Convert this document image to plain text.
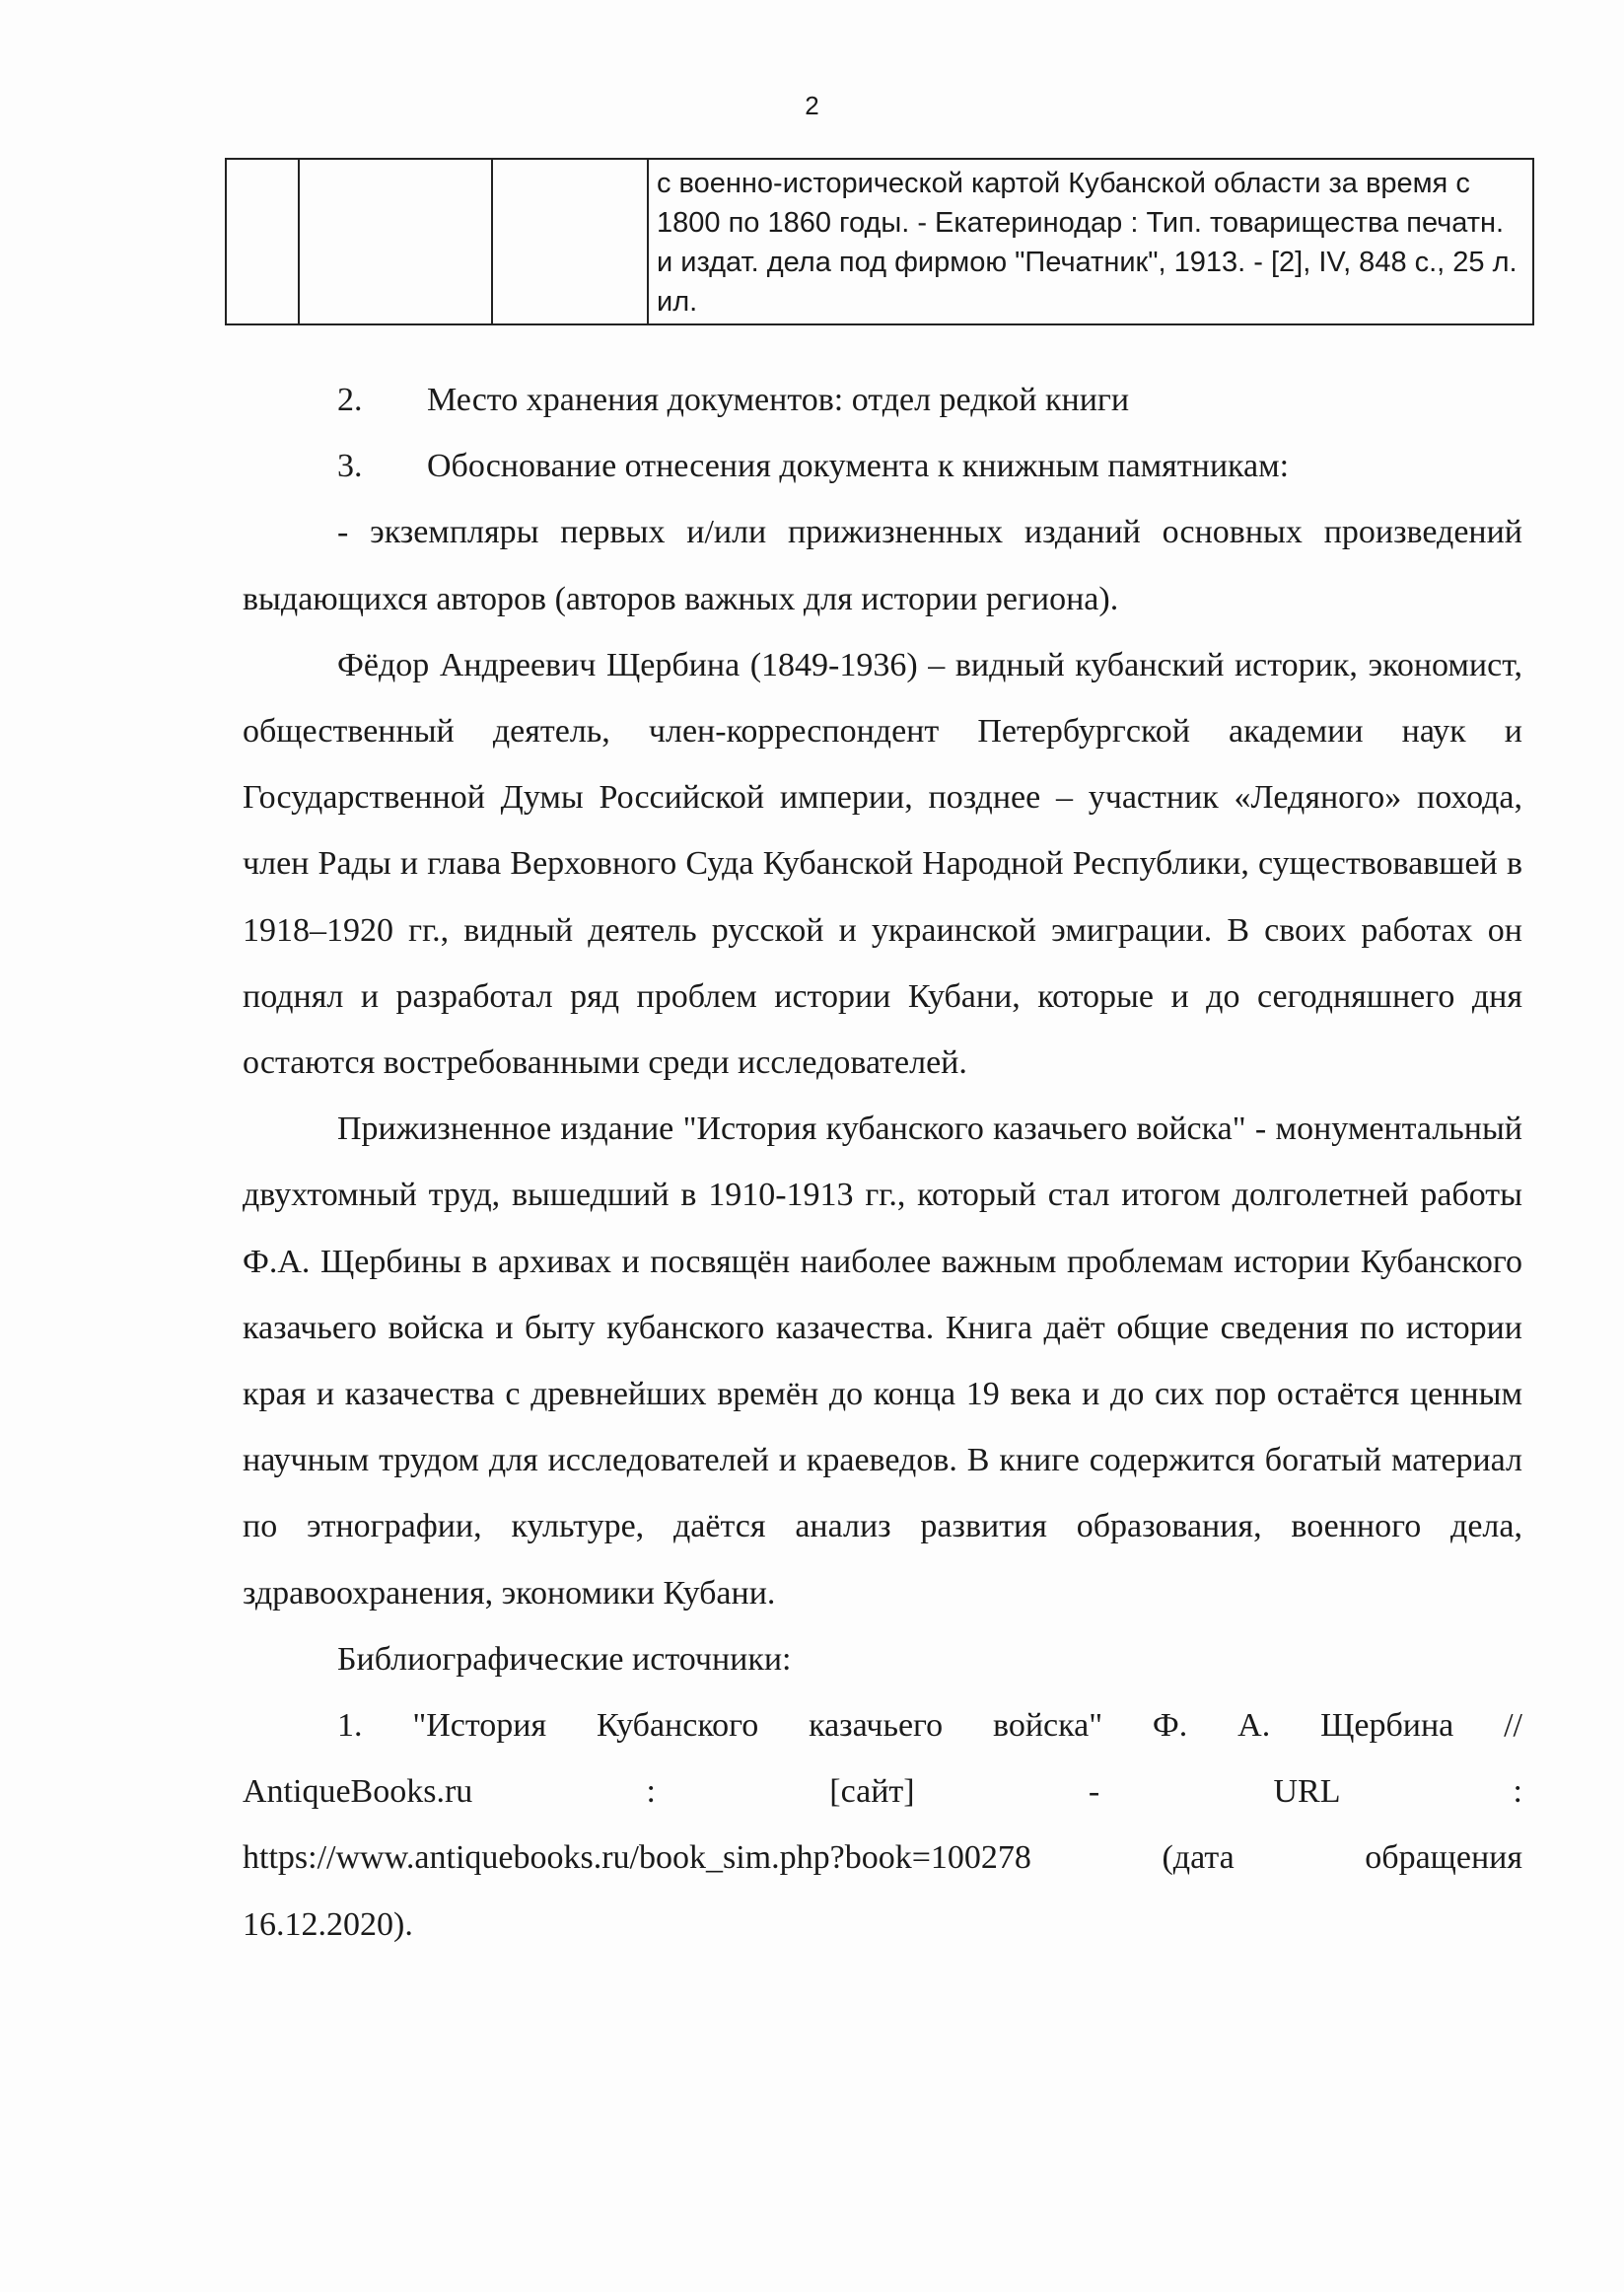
2

с военно-исторической картой Кубанской области за время с 1800 по 1860 годы. - Екатеринодар : Тип. товарищества печатн. и издат. дела под фирмою "Печатник", 1913. - [2], IV, 848 с., 25 л. ил.

2.	Место хранения документов: отдел редкой книги

3.	Обоснование отнесения документа к книжным памятникам:

- экземпляры первых и/или прижизненных изданий основных произведений выдающихся авторов (авторов важных для истории региона).

Фёдор Андреевич Щербина (1849-1936) – видный кубанский историк, экономист, общественный деятель, член-корреспондент Петербургской академии наук и Государственной Думы Российской империи, позднее – участник «Ледяного» похода, член Рады и глава Верховного Суда Кубанской Народной Республики, существовавшей в 1918–1920 гг., видный деятель русской и украинской эмиграции. В своих работах он поднял и разработал ряд проблем истории Кубани, которые и до сегодняшнего дня остаются востребованными среди исследователей.

Прижизненное издание "История кубанского казачьего войска" - монументальный двухтомный труд, вышедший в 1910-1913 гг., который стал итогом долголетней работы Ф.А. Щербины в архивах и посвящён наиболее важным проблемам истории Кубанского казачьего войска и быту кубанского казачества. Книга даёт общие сведения по истории края и казачества с древнейших времён до конца 19 века и до сих пор остаётся ценным научным трудом для исследователей и краеведов. В книге содержится богатый материал по этнографии, культуре, даётся анализ развития образования, военного дела, здравоохранения, экономики Кубани.

Библиографические источники:

1. "История Кубанского казачьего войска" Ф. А. Щербина //

AntiqueBooks.ru : [сайт] - URL :

https://www.antiquebooks.ru/book_sim.php?book=100278 (дата обращения

16.12.2020).
